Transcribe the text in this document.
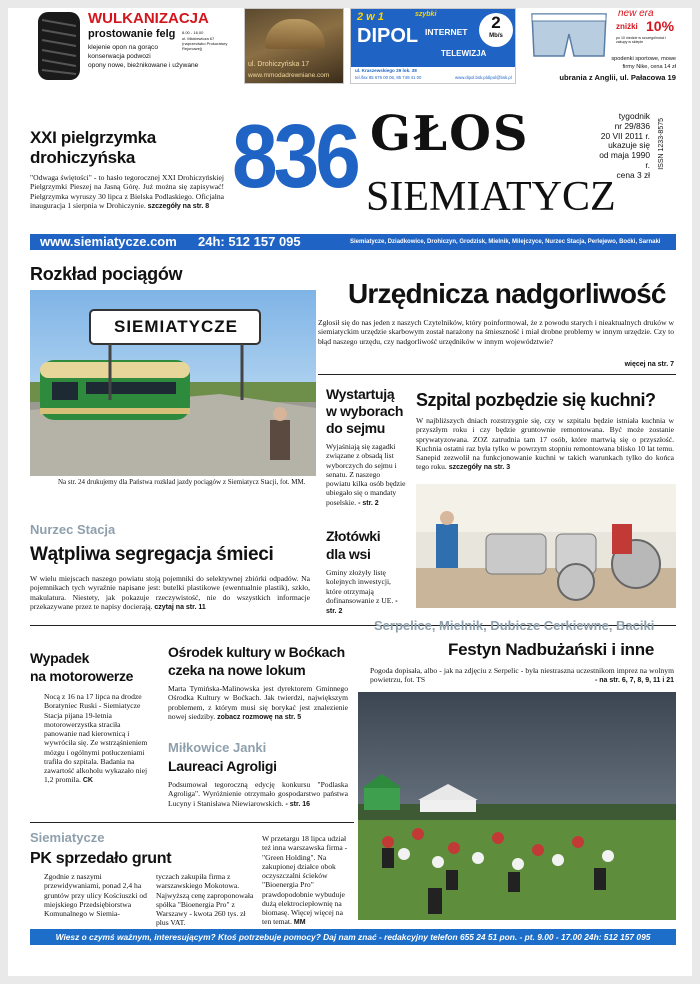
WULKANIZACJA
prostowanie felg 8.00 - 16.00
ul. Mickiewicza 67
(naprzeciwko Prokuratury Rejonowej)
klejenie opon na gorąco
konserwacja podwozi
opony nowe, bieżnikowane i używane	ul. Drohiczyńska 17
www.mmodadrewniane.com
2 w 1	szybki
DIPOL INTERNET
TELEWIZJA
2
Mb/s
ul. Kraszewskiego 29 lok. 38
tel./fax 85 676 00 06, 85 749 41 00	www.dipol.bsk.pl dipol@bsk.pl
new era
zniżki 10%
po 10 niedzie w szczególności i zakupy w sklepie
spodenki sportowe, mowe
firmy Nike, cena 14 zł
ubrania z Anglii, ul. Pałacowa 19
XXI pielgrzymka
drohiczyńska
"Odwaga świętości" - to hasło tegorocznej XXI Drohiczyńskiej Pielgrzymki Pieszej na Jasną Górę. Już można się zapisywać! Pielgrzymka wyruszy 30 lipca z Bielska Podlaskiego. Oficjalna inauguracja 1 sierpnia w Drohiczynie. szczegóły na str. 8 836 GŁOS
SIEMIATYCZ
tygodnik
nr 29/836
20 VII 2011 r.
ukazuje się
od maja 1990 r.
cena 3 zł
ISSN 1233-8575
www.siemiatycze.com 24h: 512 157 095	Siemiatycze, Dziadkowice, Drohiczyn, Grodzisk, Mielnik, Milejczyce, Nurzec Stacja, Perlejewo, Boćki, Sarnaki
Rozkład pociągów
SIEMIATYCZE
Na str. 24 drukujemy dla Państwa rozkład jazdy pociągów z Siemiatycz Stacji, fot. MM.
Urzędnicza nadgorliwość
Zgłosił się do nas jeden z naszych Czytelników, który poinformował, że z powodu starych i nieaktualnych druków w siemiatyckim urzędzie skarbowym został narażony na śmieszność i miał drobne problemy w innym urzędzie. Czy to błąd naszego urzędu, czy nadgorliwość urzędników w innym województwie?
więcej na str. 7
Wystartują
w wyborach
do sejmu
Wyjaśniają się zagadki związane z obsadą list wyborczych do sejmu i senatu. Z naszego powiatu kilka osób będzie ubiegało się o mandaty poselskie. - str. 2
Złotówki
dla wsi
Gminy złożyły listę kolejnych inwestycji, które otrzymają dofinansowanie z UE. - str. 2
Szpital pozbędzie się kuchni?
W najbliższych dniach rozstrzygnie się, czy w szpitalu będzie istniała kuchnia w przyszłym roku i czy będzie gruntownie remontowana. Być może zostanie sprywatyzowana. ZOZ zatrudnia tam 17 osób, które martwią się o przyszłość. Kuchnia ostatni raz była tylko w powrzym stopniu remontowana blisko 10 lat temu. Sanepid zezwolił na funkcjonowanie kuchni w takich warunkach tylko do końca tego roku. szczegóły na str. 3
Nurzec Stacja
Wątpliwa segregacja śmieci
W wielu miejscach naszego powiatu stoją pojemniki do selektywnej zbiórki odpadów. Na pojemnikach tych wyraźnie napisane jest: butelki plastikowe (ewentualnie plastik), szkło, makulatura. Niestety, jak pokazuje rzeczywistość, nie do wszystkich informacje przekazywane przez te napisy docierają. czytaj na str. 11
Wypadek
na motorowerze
Nocą z 16 na 17 lipca na drodze Boratyniec Ruski - Siemiatycze Stacja pijana 19-letnia motorowerzystka straciła panowanie nad kierownicą i wywróciła się. Ze wstrząśnieniem mózgu i ogólnymi potłuczeniami trafiła do szpitala. Badania na zawartość alkoholu wykazało niej 1,2 promila. CK
Ośrodek kultury w Boćkach
czeka na nowe lokum
Marta Tymińska-Malinowska jest dyrektorem Gminnego Ośrodka Kultury w Boćkach. Jak twierdzi, największym problemem, z którym musi się borykać jest znalezienie nowej siedziby. zobacz rozmowę na str. 5
Miłkowice Janki
Laureaci Agroligi
Podsumował tegoroczną edycję konkursu "Podlaska Agroliga". Wyróżnienie otrzymało gospodarstwo państwa Lucyny i Stanisława Niewiarowskich. - str. 16
Serpelice, Mielnik, Dubicze Cerkiewne, Baciki
Festyn Nadbużański i inne
Pogoda dopisała, albo - jak na zdjęciu z Serpelic - była niestraszna uczestnikom imprez na wolnym powietrzu, fot. TS	- na str. 6, 7, 8, 9, 11 i 21
Siemiatycze
PK sprzedało grunt
Zgodnie z naszymi przewidywaniami, ponad 2,4 ha gruntów przy ulicy Kościuszki od miejskiego Przedsiębiorstwa Komunalnego w Siemia-
tyczach zakupiła firma z warszawskiego Mokotowa. Najwyższą cenę zaproponowała spółka "Bioenergia Pro" z Warszawy - kwota 260 tys. zł plus VAT.
W przetargu 18 lipca udział też inna warszawska firma - "Green Holding". Na zakupionej działce obok oczyszczalni ścieków "Bioenergia Pro" prawdopodobnie wybuduje dużą elektrociepłownię na biomasę. Więcej więcej na ten temat. MM
Wiesz o czymś ważnym, interesującym? Ktoś potrzebuje pomocy? Daj nam znać - redakcyjny telefon 655 24 51 pon. - pt. 9.00 - 17.00 24h: 512 157 095
